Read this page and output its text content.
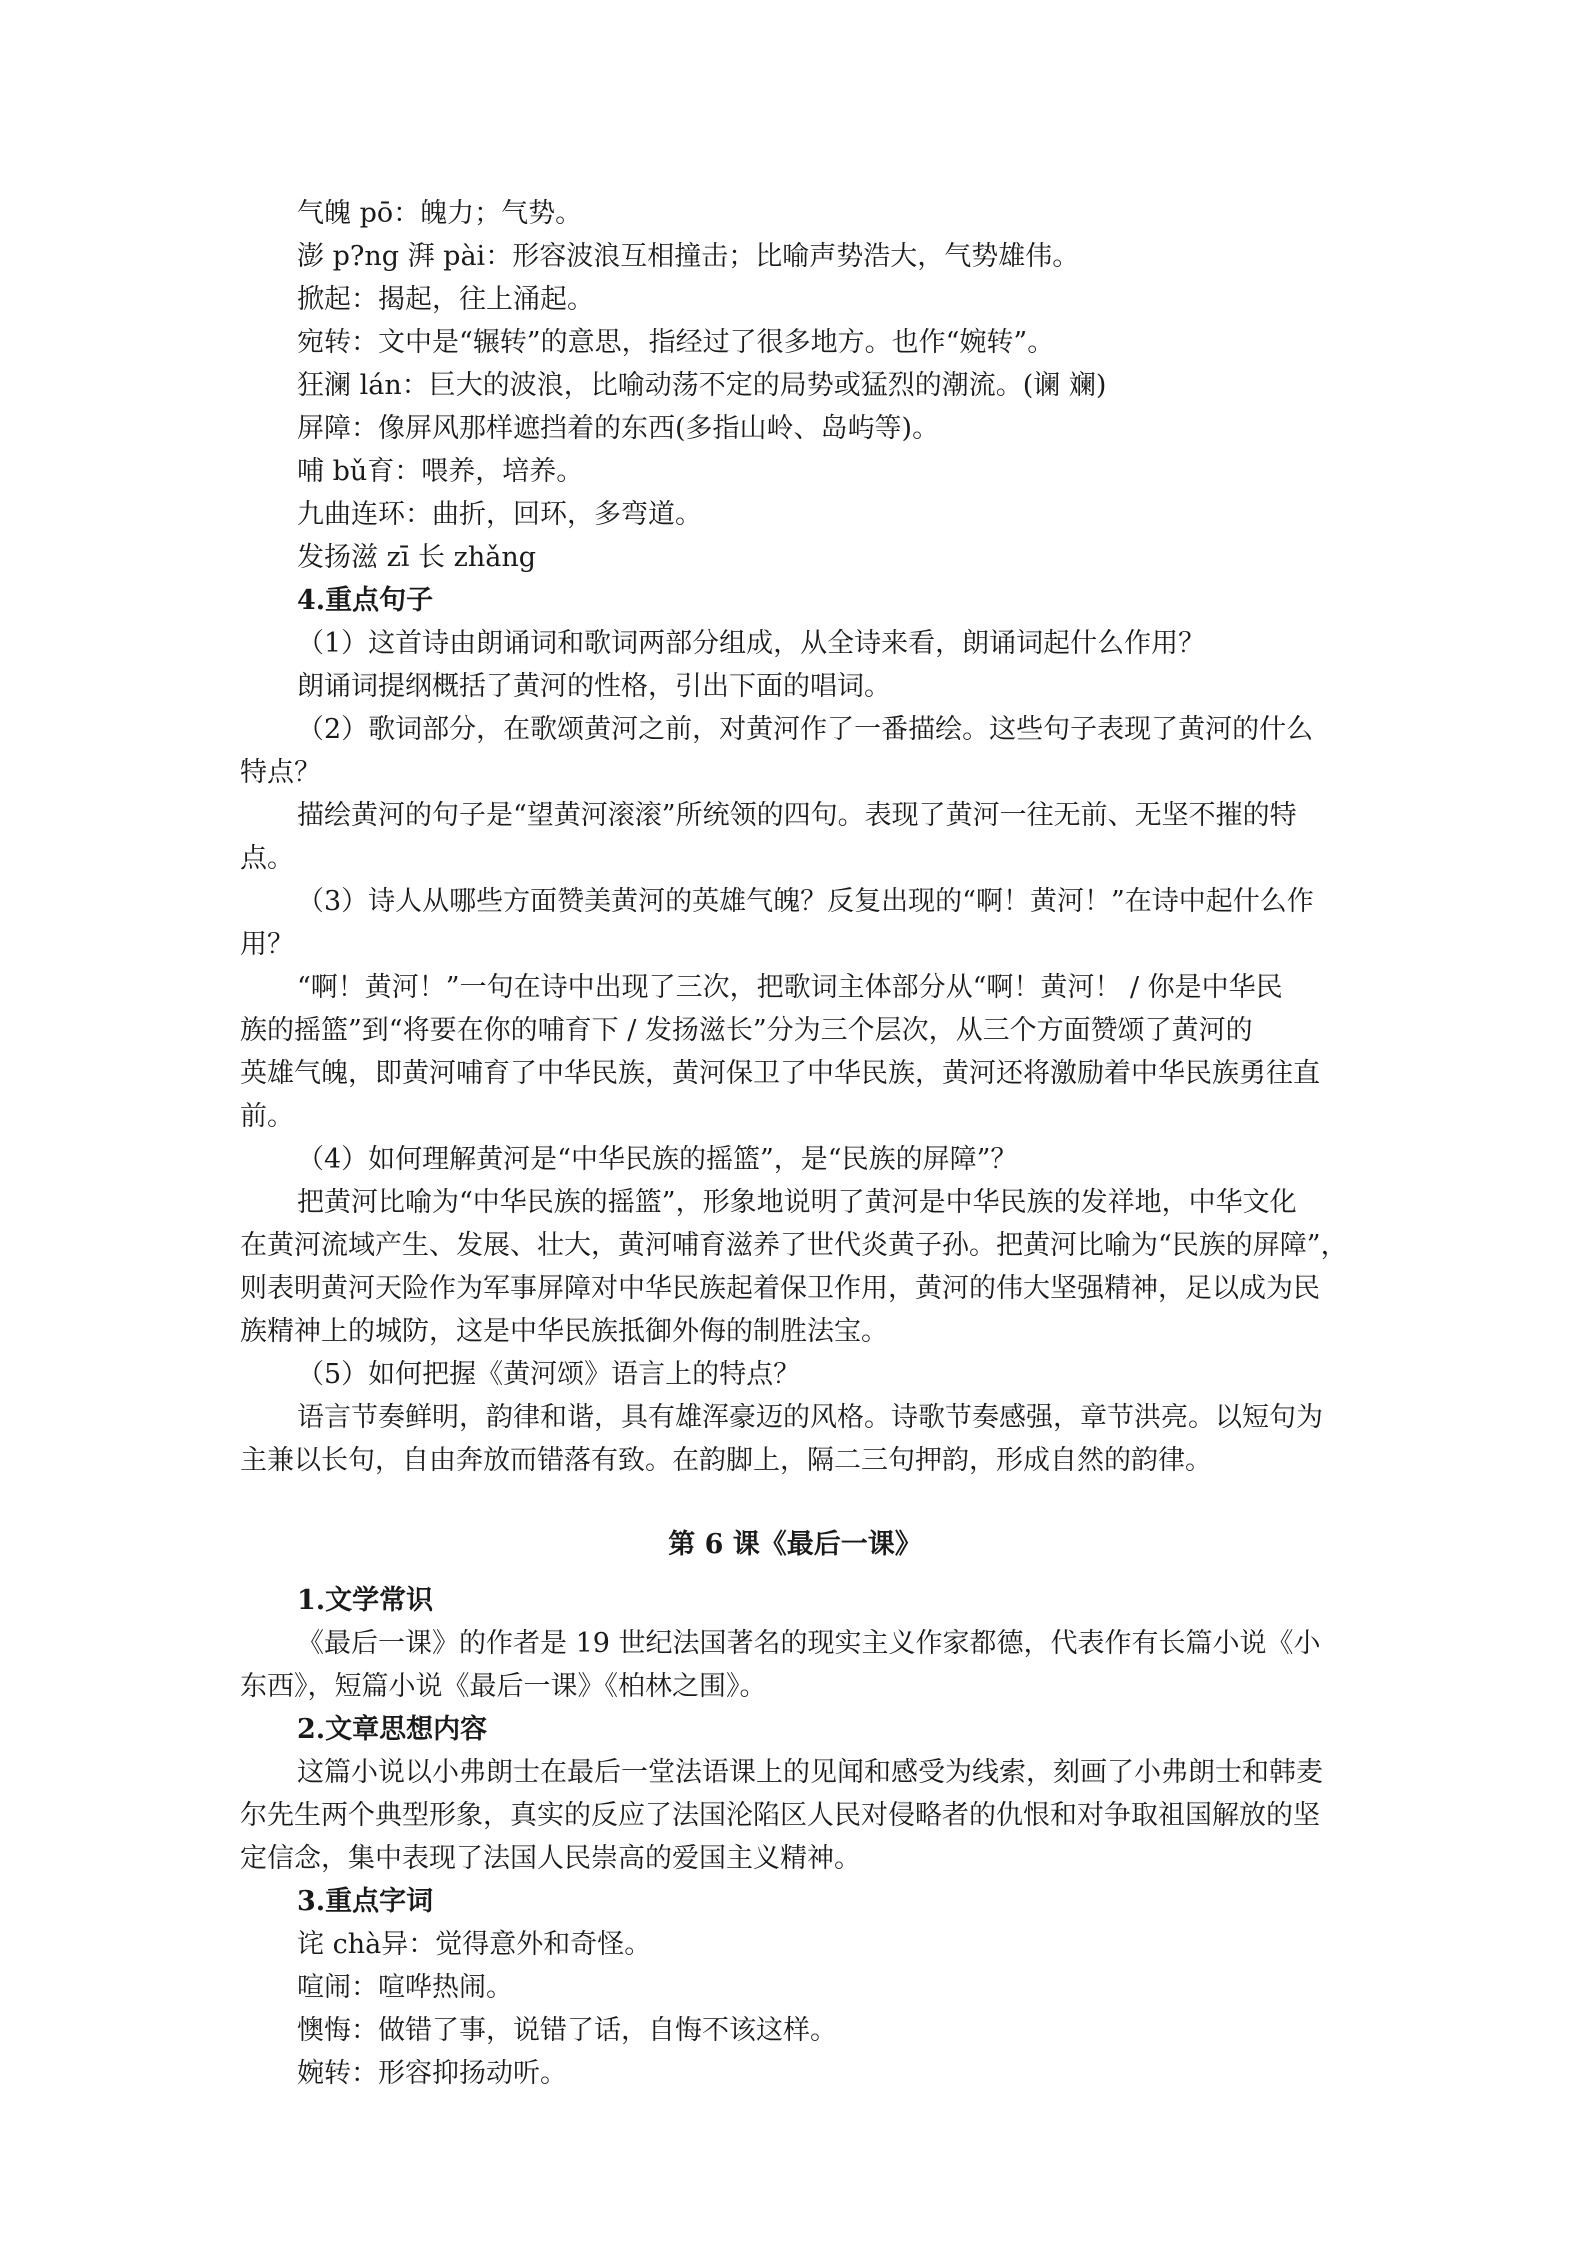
气魄 pō：魄力；气势。
澎 p?ng 湃 pài：形容波浪互相撞击；比喻声势浩大，气势雄伟。
掀起：揭起，往上涌起。
宛转：文中是“辗转”的意思，指经过了很多地方。也作“婉转”。
狂澜 lán：巨大的波浪，比喻动荡不定的局势或猛烈的潮流。(谰 斓)
屏障：像屏风那样遮挡着的东西(多指山岭、岛屿等)。
哺 bǔ育：喂养，培养。
九曲连环：曲折，回环，多弯道。
发扬滋 zī 长 zhǎng
4.重点句子
（1）这首诗由朗诵词和歌词两部分组成，从全诗来看，朗诵词起什么作用？
朗诵词提纲概括了黄河的性格，引出下面的唱词。
（2）歌词部分，在歌颂黄河之前，对黄河作了一番描绘。这些句子表现了黄河的什么
特点？
描绘黄河的句子是“望黄河滚滚”所统领的四句。表现了黄河一往无前、无坚不摧的特
点。
（3）诗人从哪些方面赞美黄河的英雄气魄？反复出现的“啊！黄河！”在诗中起什么作
用？
“啊！黄河！”一句在诗中出现了三次，把歌词主体部分从“啊！黄河！ / 你是中华民
族的摇篮”到“将要在你的哺育下 / 发扬滋长”分为三个层次，从三个方面赞颂了黄河的
英雄气魄，即黄河哺育了中华民族，黄河保卫了中华民族，黄河还将激励着中华民族勇往直
前。
（4）如何理解黄河是“中华民族的摇篮”，是“民族的屏障”？
把黄河比喻为“中华民族的摇篮”，形象地说明了黄河是中华民族的发祥地，中华文化
在黄河流域产生、发展、壮大，黄河哺育滋养了世代炎黄子孙。把黄河比喻为“民族的屏障”，
则表明黄河天险作为军事屏障对中华民族起着保卫作用，黄河的伟大坚强精神，足以成为民
族精神上的城防，这是中华民族抵御外侮的制胜法宝。
（5）如何把握《黄河颂》语言上的特点？
语言节奏鲜明，韵律和谐，具有雄浑豪迈的风格。诗歌节奏感强，章节洪亮。以短句为
主兼以长句，自由奔放而错落有致。在韵脚上，隔二三句押韵，形成自然的韵律。
第 6 课《最后一课》
1.文学常识
《最后一课》的作者是 19 世纪法国著名的现实主义作家都德，代表作有长篇小说《小
东西》，短篇小说《最后一课》《柏林之围》。
2.文章思想内容
这篇小说以小弗朗士在最后一堂法语课上的见闻和感受为线索，刻画了小弗朗士和韩麦
尔先生两个典型形象，真实的反应了法国沦陷区人民对侵略者的仇恨和对争取祖国解放的坚
定信念，集中表现了法国人民崇高的爱国主义精神。
3.重点字词
诧 chà异：觉得意外和奇怪。
喧闹：喧哗热闹。
懊悔：做错了事，说错了话，自悔不该这样。
婉转：形容抑扬动听。
